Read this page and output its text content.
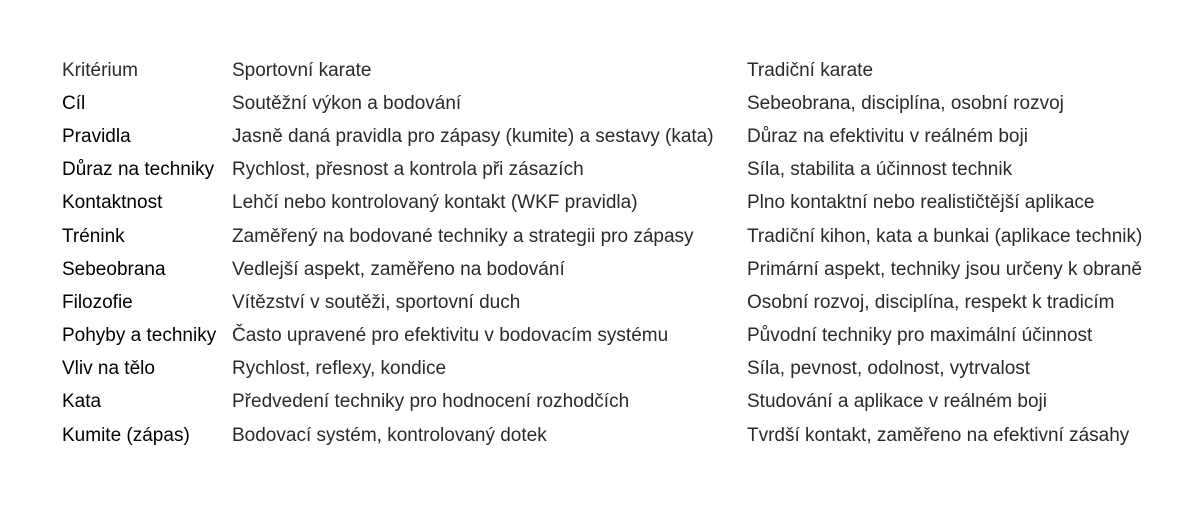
Kritérium	Sportovní karate	Tradiční karate
Cíl	Soutěžní výkon a bodování	Sebeobrana, disciplína, osobní rozvoj
Pravidla	Jasně daná pravidla pro zápasy (kumite) a sestavy (kata)	Důraz na efektivitu v reálném boji
Důraz na techniky	Rychlost, přesnost a kontrola při zásazích	Síla, stabilita a účinnost technik
Kontaktnost	Lehčí nebo kontrolovaný kontakt (WKF pravidla)	Plno kontaktní nebo realističtější aplikace
Trénink	Zaměřený na bodované techniky a strategii pro zápasy	Tradiční kihon, kata a bunkai (aplikace technik)
Sebeobrana	Vedlejší aspekt, zaměřeno na bodování	Primární aspekt, techniky jsou určeny k obraně
Filozofie	Vítězství v soutěži, sportovní duch	Osobní rozvoj, disciplína, respekt k tradicím
Pohyby a techniky	Často upravené pro efektivitu v bodovacím systému	Původní techniky pro maximální účinnost
Vliv na tělo	Rychlost, reflexy, kondice	Síla, pevnost, odolnost, vytrvalost
Kata	Předvedení techniky pro hodnocení rozhodčích	Studování a aplikace v reálném boji
Kumite (zápas)	Bodovací systém, kontrolovaný dotek	Tvrdší kontakt, zaměřeno na efektivní zásahy
